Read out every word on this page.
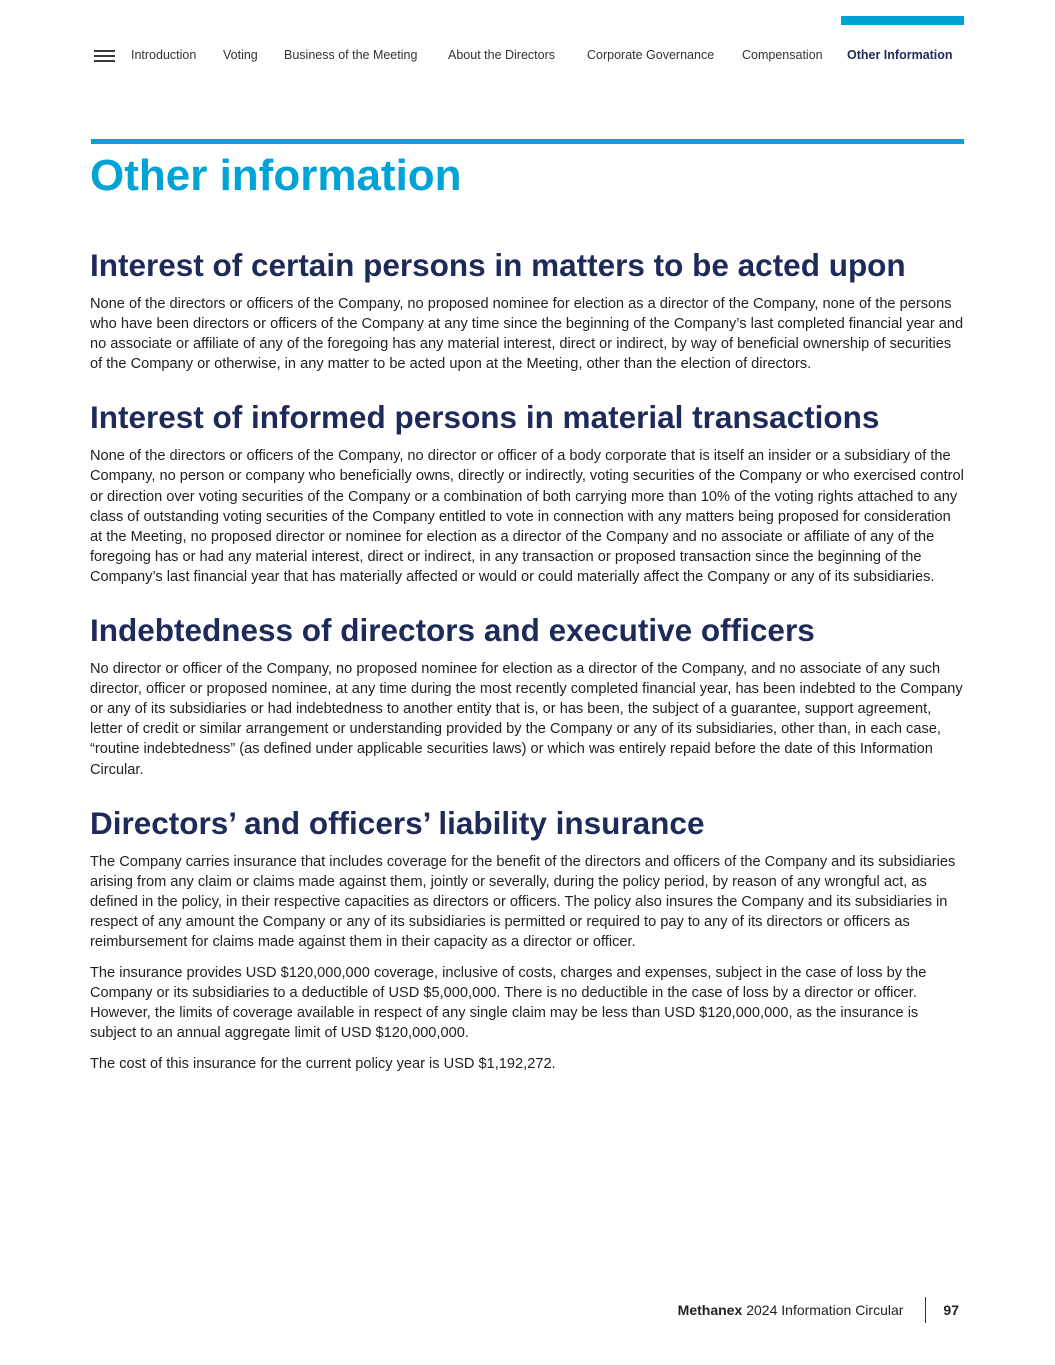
Introduction Voting Business of the Meeting About the Directors	Corporate Governance Compensation Other Information
Other information
Interest of certain persons in matters to be acted upon

None of the directors or officers of the Company, no proposed nominee for election as a director of the Company, none of the persons who have been directors or officers of the Company at any time since the beginning of the Company’s last completed financial year and no associate or affiliate of any of the foregoing has any material interest, direct or indirect, by way of beneficial ownership of securities of the Company or otherwise, in any matter to be acted upon at the Meeting, other than the election of directors.

Interest of informed persons in material transactions

None of the directors or officers of the Company, no director or officer of a body corporate that is itself an insider or a subsidiary of the Company, no person or company who beneficially owns, directly or indirectly, voting securities of the Company or who exercised control or direction over voting securities of the Company or a combination of both carrying more than 10% of the voting rights attached to any class of outstanding voting securities of the Company entitled to vote in connection with any matters being proposed for consideration at the Meeting, no proposed director or nominee for election as a director of the Company and no associate or affiliate of any of the foregoing has or had any material interest, direct or indirect, in any transaction or proposed transaction since the beginning of the Company’s last financial year that has materially affected or would or could materially affect the Company or any of its subsidiaries.

Indebtedness of directors and executive officers

No director or officer of the Company, no proposed nominee for election as a director of the Company, and no associate of any such director, officer or proposed nominee, at any time during the most recently completed financial year, has been indebted to the Company or any of its subsidiaries or had indebtedness to another entity that is, or has been, the subject of a guarantee, support agreement, letter of credit or similar arrangement or understanding provided by the Company or any of its subsidiaries, other than, in each case, “routine indebtedness” (as defined under applicable securities laws) or which was entirely repaid before the date of this Information Circular.

Directors’ and officers’ liability insurance

The Company carries insurance that includes coverage for the benefit of the directors and officers of the Company and its subsidiaries arising from any claim or claims made against them, jointly or severally, during the policy period, by reason of any wrongful act, as defined in the policy, in their respective capacities as directors or officers. The policy also insures the Company and its subsidiaries in respect of any amount the Company or any of its subsidiaries is permitted or required to pay to any of its directors or officers as reimbursement for claims made against them in their capacity as a director or officer.

The insurance provides USD $120,000,000 coverage, inclusive of costs, charges and expenses, subject in the case of loss by the Company or its subsidiaries to a deductible of USD $5,000,000. There is no deductible in the case of loss by a director or officer. However, the limits of coverage available in respect of any single claim may be less than USD $120,000,000, as the insurance is subject to an annual aggregate limit of USD $120,000,000.

The cost of this insurance for the current policy year is USD $1,192,272.

Methanex 2024 Information Circular	97
